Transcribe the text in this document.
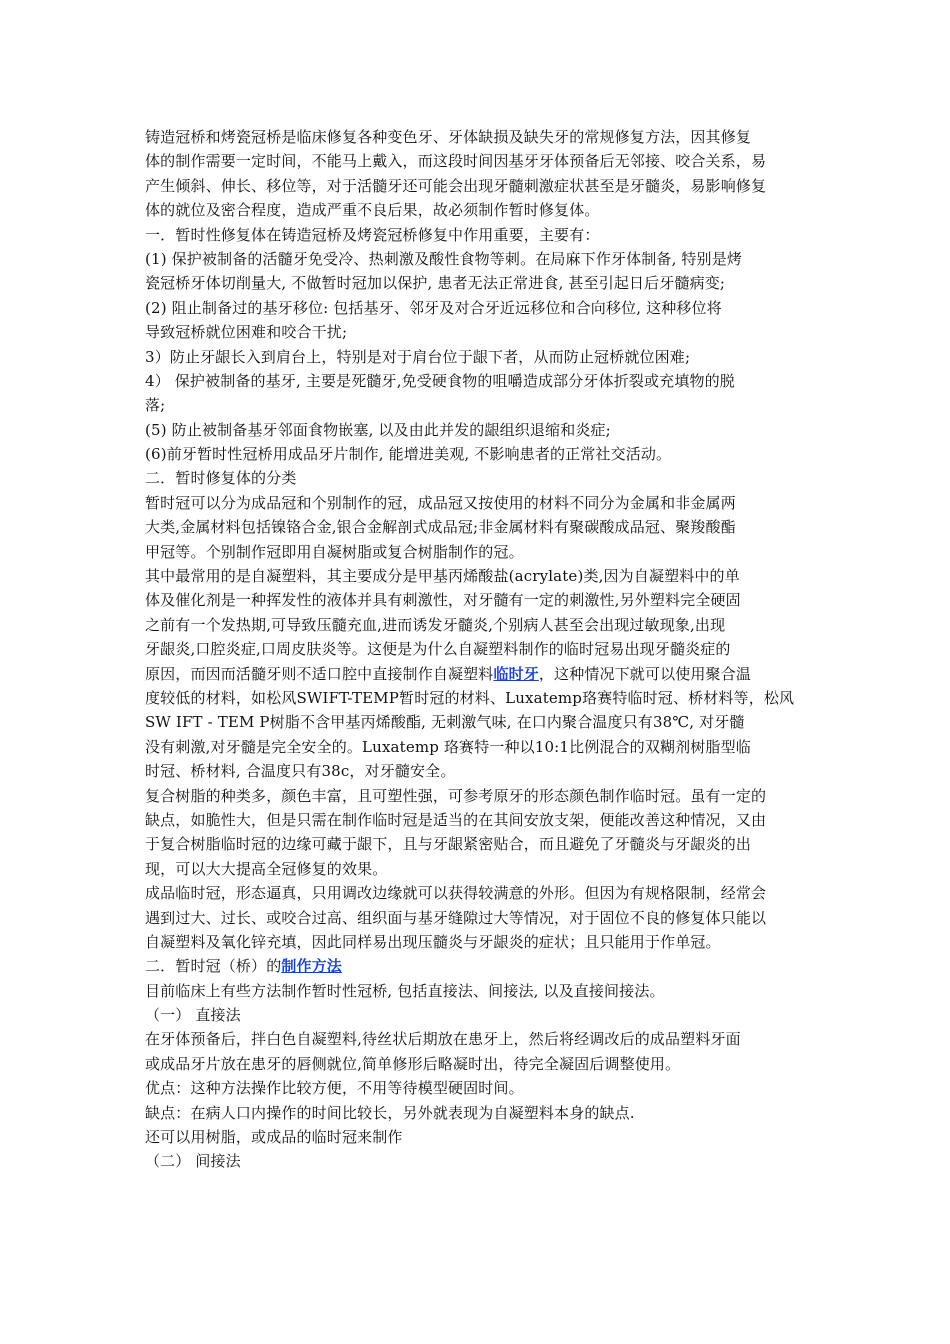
铸造冠桥和烤瓷冠桥是临床修复各种变色牙、牙体缺损及缺失牙的常规修复方法，因其修复
体的制作需要一定时间，不能马上戴入，而这段时间因基牙牙体预备后无邻接、咬合关系，易
产生倾斜、伸长、移位等，对于活髓牙还可能会出现牙髓刺激症状甚至是牙髓炎，易影响修复
体的就位及密合程度，造成严重不良后果，故必须制作暂时修复体。
一．暂时性修复体在铸造冠桥及烤瓷冠桥修复中作用重要，主要有：
(1) 保护被制备的活髓牙免受冷、热刺激及酸性食物等刺。在局麻下作牙体制备, 特别是烤
瓷冠桥牙体切削量大, 不做暂时冠加以保护, 患者无法正常进食, 甚至引起日后牙髓病变;
(2) 阻止制备过的基牙移位: 包括基牙、邻牙及对合牙近远移位和合向移位, 这种移位将
导致冠桥就位困难和咬合干扰;
3）防止牙龈长入到肩台上，特别是对于肩台位于龈下者，从而防止冠桥就位困难;
4） 保护被制备的基牙, 主要是死髓牙,免受硬食物的咀嚼造成部分牙体折裂或充填物的脱
落;
(5) 防止被制备基牙邻面食物嵌塞, 以及由此并发的龈组织退缩和炎症;
(6)前牙暂时性冠桥用成品牙片制作, 能增进美观, 不影响患者的正常社交活动。
二．暂时修复体的分类
暂时冠可以分为成品冠和个别制作的冠，成品冠又按使用的材料不同分为金属和非金属两
大类,金属材料包括镍铬合金,银合金解剖式成品冠;非金属材料有聚碳酸成品冠、聚羧酸酯
甲冠等。个别制作冠即用自凝树脂或复合树脂制作的冠。
其中最常用的是自凝塑料，其主要成分是甲基丙烯酸盐(acrylate)类,因为自凝塑料中的单
体及催化剂是一种挥发性的液体并具有刺激性，对牙髓有一定的刺激性,另外塑料完全硬固
之前有一个发热期,可导致压髓充血,进而诱发牙髓炎,个别病人甚至会出现过敏现象,出现
牙龈炎,口腔炎症,口周皮肤炎等。这便是为什么自凝塑料制作的临时冠易出现牙髓炎症的
原因，而因而活髓牙则不适口腔中直接制作自凝塑料临时牙，这种情况下就可以使用聚合温
度较低的材料，如松风SWIFT-TEMP暂时冠的材料、Luxatemp珞赛特临时冠、桥材料等，松风
SW IFT - TEM P树脂不含甲基丙烯酸酯, 无刺激气味, 在口内聚合温度只有38℃, 对牙髓
没有刺激,对牙髓是完全安全的。Luxatemp 珞赛特一种以10:1比例混合的双糊剂树脂型临
时冠、桥材料, 合温度只有38c，对牙髓安全。
复合树脂的种类多，颜色丰富，且可塑性强，可参考原牙的形态颜色制作临时冠。虽有一定的
缺点，如脆性大，但是只需在制作临时冠是适当的在其间安放支架，便能改善这种情况，又由
于复合树脂临时冠的边缘可藏于龈下，且与牙龈紧密贴合，而且避免了牙髓炎与牙龈炎的出
现，可以大大提高全冠修复的效果。
成品临时冠，形态逼真，只用调改边缘就可以获得较满意的外形。但因为有规格限制，经常会
遇到过大、过长、或咬合过高、组织面与基牙缝隙过大等情况，对于固位不良的修复体只能以
自凝塑料及氧化锌充填，因此同样易出现压髓炎与牙龈炎的症状；且只能用于作单冠。
二．暂时冠（桥）的制作方法
目前临床上有些方法制作暂时性冠桥, 包括直接法、间接法, 以及直接间接法。
（一） 直接法
在牙体预备后，拌白色自凝塑料,待丝状后期放在患牙上，然后将经调改后的成品塑料牙面
或成品牙片放在患牙的唇侧就位,简单修形后略凝时出，待完全凝固后调整使用。
优点：这种方法操作比较方便，不用等待模型硬固时间。
缺点：在病人口内操作的时间比较长，另外就表现为自凝塑料本身的缺点.
还可以用树脂，或成品的临时冠来制作
（二） 间接法
